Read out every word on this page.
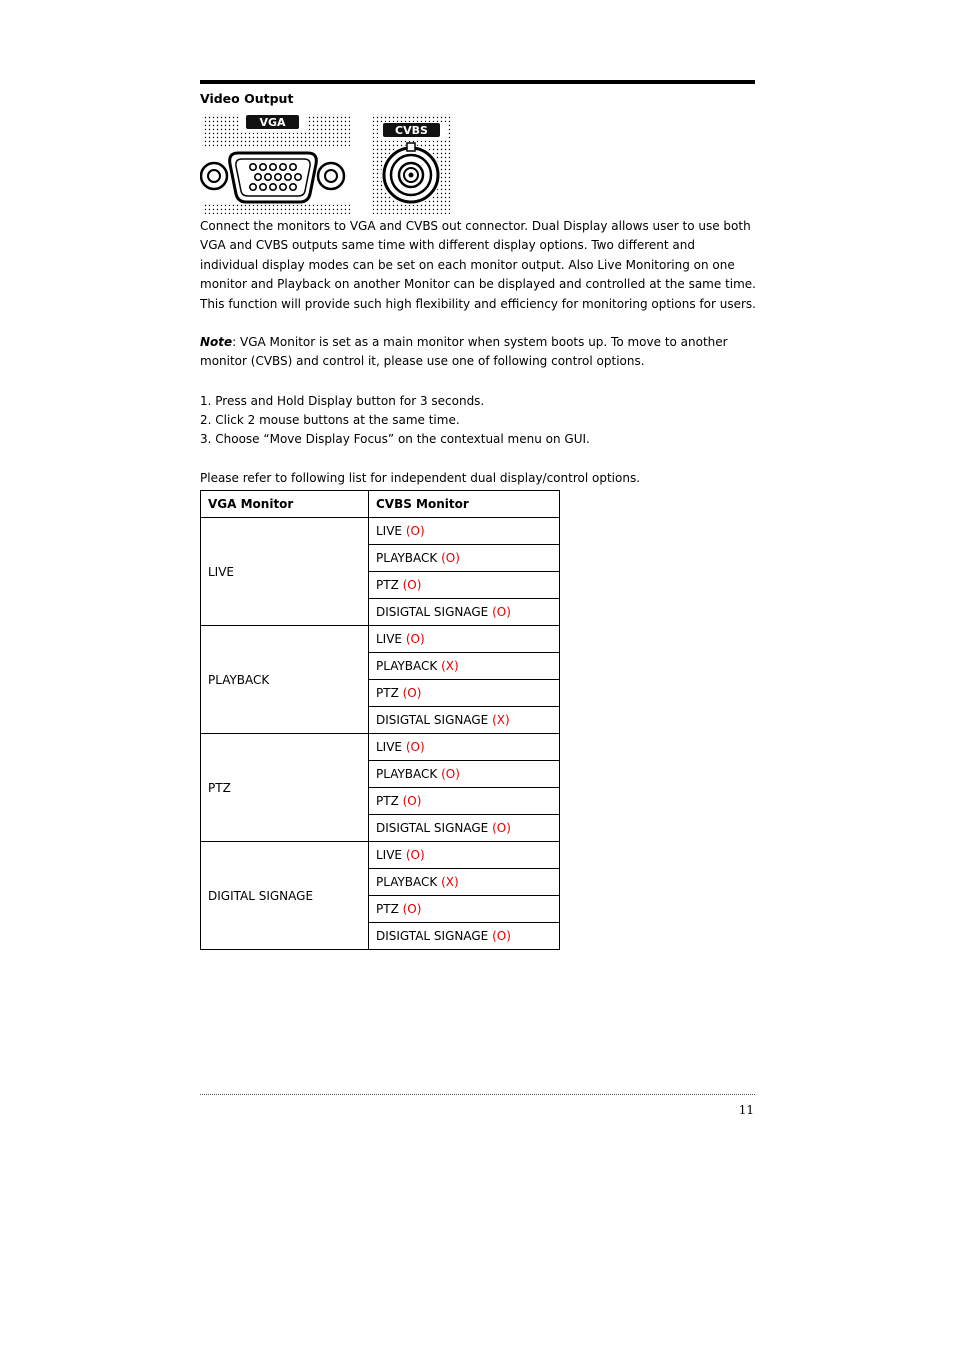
Video Output
VGA
CVBS
Connect the monitors to VGA and CVBS out connector. Dual Display allows user to use both VGA and CVBS outputs same time with different display options. Two different and individual display modes can be set on each monitor output. Also Live Monitoring on one monitor and Playback on another Monitor can be displayed and controlled at the same time. This function will provide such high flexibility and efficiency for monitoring options for users.
Note: VGA Monitor is set as a main monitor when system boots up. To move to another monitor (CVBS) and control it, please use one of following control options.
1. Press and Hold Display button for 3 seconds.
2. Click 2 mouse buttons at the same time.
3. Choose “Move Display Focus” on the contextual menu on GUI.
Please refer to following list for independent dual display/control options.
VGA Monitor	CVBS Monitor
LIVE	LIVE (O)
	PLAYBACK (O)
	PTZ (O)
	DISIGTAL SIGNAGE (O)
PLAYBACK	LIVE (O)
	PLAYBACK (X)
	PTZ (O)
	DISIGTAL SIGNAGE (X)
PTZ	LIVE (O)
	PLAYBACK (O)
	PTZ (O)
	DISIGTAL SIGNAGE (O)
DIGITAL SIGNAGE	LIVE (O)
	PLAYBACK (X)
	PTZ (O)
	DISIGTAL SIGNAGE (O)
11
